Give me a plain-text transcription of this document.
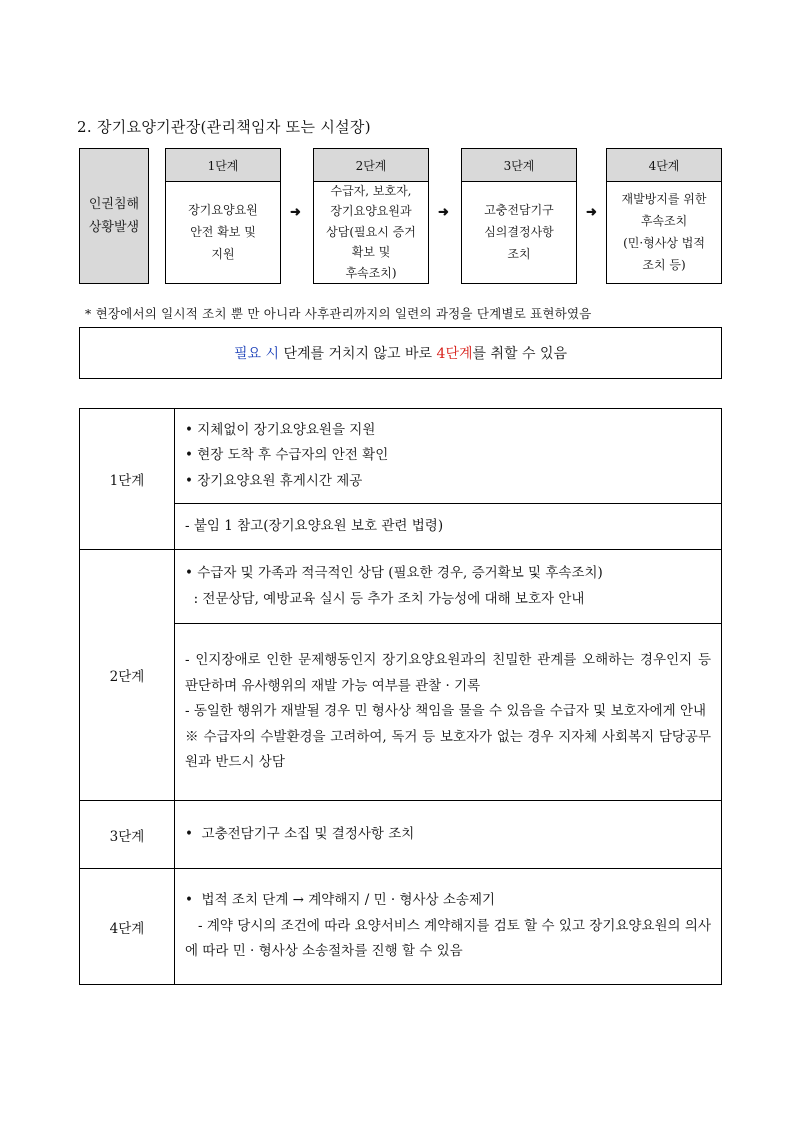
2. 장기요양기관장(관리책임자 또는 시설장)
인권침해
상황발생
1단계
장기요양요원
안전 확보 및
지원
➜
2단계
수급자, 보호자,
장기요양요원과
상담(필요시 증거
확보 및
후속조치)
➜
3단계
고충전담기구
심의결정사항
조치
➜
4단계
재발방지를 위한
후속조치
(민·형사상 법적
조치 등)
* 현장에서의 일시적 조치 뿐 만 아니라 사후관리까지의 일련의 과정을 단계별로 표현하였음
필요 시 단계를 거치지 않고 바로 4단계 를 취할 수 있음
1단계
• 지체없이 장기요양요원을 지원
• 현장 도착 후 수급자의 안전 확인
• 장기요양요원 휴게시간 제공
- 붙임 1 참고(장기요양요원 보호 관련 법령)
2단계
• 수급자 및 가족과 적극적인 상담 (필요한 경우, 증거확보 및 후속조치)
: 전문상담, 예방교육 실시 등 추가 조치 가능성에 대해 보호자 안내
- 인지장애로 인한 문제행동인지 장기요양요원과의 친밀한 관계를 오해하는 경우인지 등 판단하며 유사행위의 재발 가능 여부를 관찰 · 기록
- 동일한 행위가 재발될 경우 민 형사상 책임을 물을 수 있음을 수급자 및 보호자에게 안내
※ 수급자의 수발환경을 고려하여, 독거 등 보호자가 없는 경우 지자체 사회복지 담당공무원과 반드시 상담
3단계	•  고충전담기구 소집 및 결정사항 조치
4단계
•  법적 조치 단계 → 계약해지 / 민 · 형사상 소송제기
- 계약 당시의 조건에 따라 요양서비스 계약해지를 검토 할 수 있고 장기요양요원의 의사에 따라 민 · 형사상 소송절차를 진행 할 수 있음
